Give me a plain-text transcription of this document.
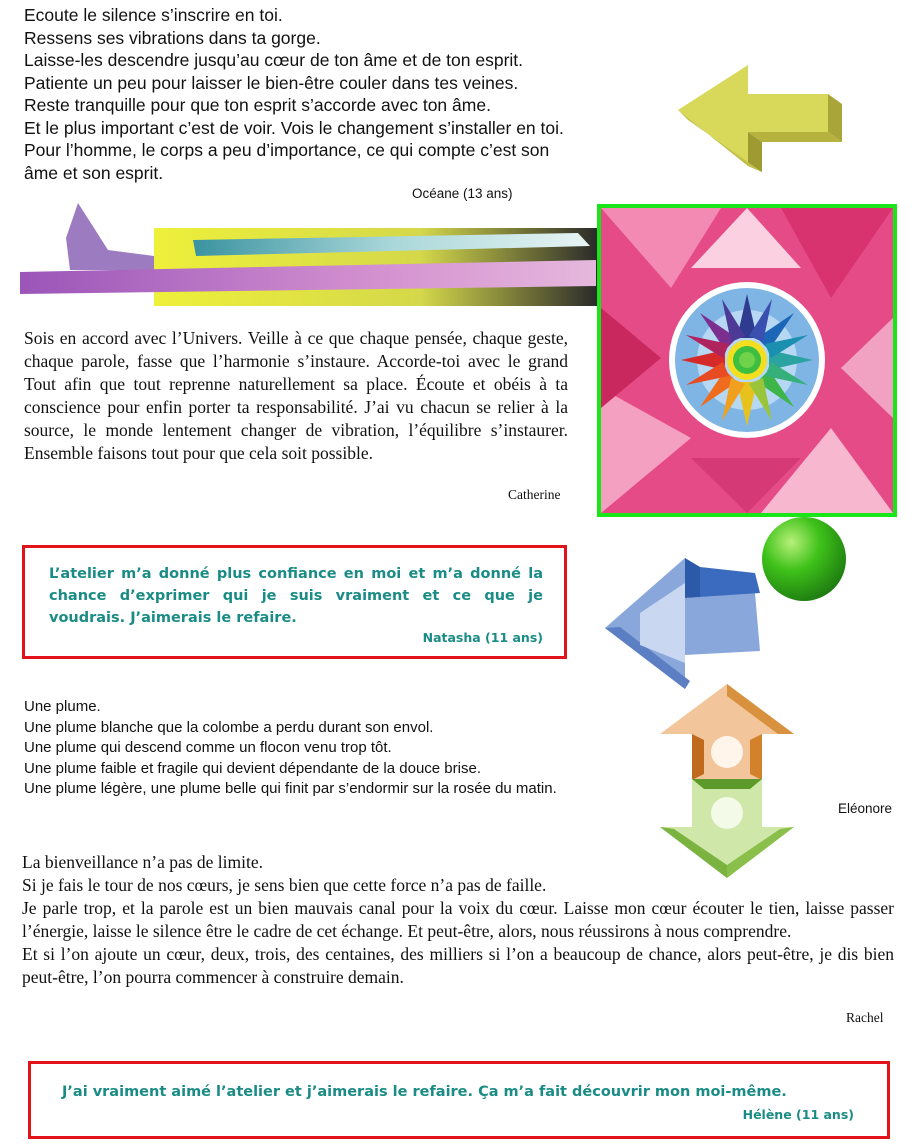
Ecoute le silence s’inscrire en toi.

Ressens ses vibrations dans ta gorge.

Laisse-les descendre jusqu’au cœur de ton âme et de ton esprit.

Patiente un peu pour laisser le bien-être couler dans tes veines.

Reste tranquille pour que ton esprit s’accorde avec ton âme.

Et le plus important c’est de voir. Vois le changement s’installer en toi.

Pour l’homme, le corps a peu d’importance, ce qui compte c’est son

âme et son esprit.

Océane (13 ans)
Sois en accord avec l’Univers. Veille à ce que chaque pensée, chaque geste, chaque parole, fasse que l’harmonie s’instaure. Accorde-toi avec le grand Tout afin que tout reprenne naturellement sa place. Écoute et obéis à ta conscience pour enfin porter ta responsabilité. J’ai vu chacun se relier à la source, le monde lentement changer de vibration, l’équilibre s’instaurer. Ensemble faisons tout pour que cela soit possible.
Catherine
L’atelier m’a donné plus confiance en moi et m’a donné la chance d’exprimer qui je suis vraiment et ce que je voudrais. J’aimerais le refaire.
Natasha (11 ans)

Une plume.

Une plume blanche que la colombe a perdu durant son envol.

Une plume qui descend comme un flocon venu trop tôt.

Une plume faible et fragile qui devient dépendante de la douce brise.

Une plume légère, une plume belle qui finit par s’endormir sur la rosée du matin.

Eléonore
La bienveillance n’a pas de limite.
Si je fais le tour de nos cœurs, je sens bien que cette force n’a pas de faille.
Je parle trop, et la parole est un bien mauvais canal pour la voix du cœur. Laisse mon cœur écouter le tien, laisse passer l’énergie, laisse le silence être le cadre de cet échange. Et peut-être, alors, nous réussirons à nous comprendre.
Et si l’on ajoute un cœur, deux, trois, des centaines, des milliers si l’on a beaucoup de chance, alors peut-être, je dis bien peut-être, l’on pourra commencer à construire demain.
Rachel
J’ai vraiment aimé l’atelier et j’aimerais le refaire. Ça m’a fait découvrir mon moi-même.
Hélène (11 ans)
